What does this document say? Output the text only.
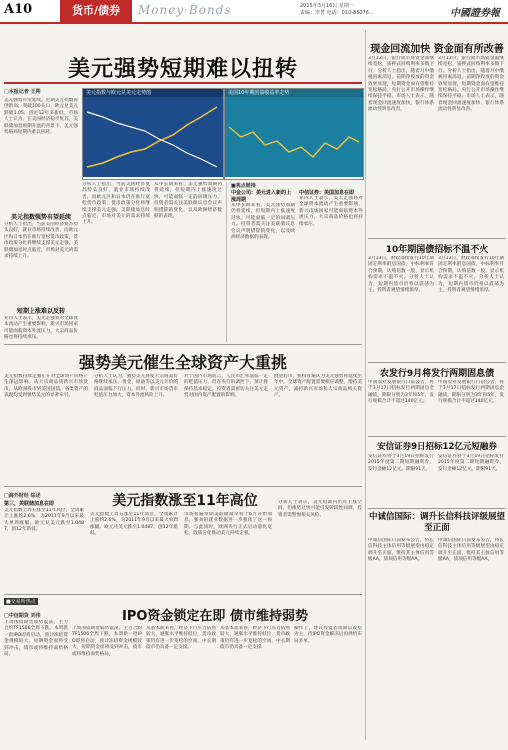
A10	货币/债券	Money·Bonds	2015年3月16日 星期一
责编：李菁 电话：010-83076...	中國證券報
美元强势短期难以扭转
□本报记者 王朔	美元指数与欧元兑美元走势图	美国10年期国债收益率走势
美元强势有望延续。近期美元指数再创新高，突破100关口，欧元兑美元跌破1.05，创近12年来新低。市场人士认为，在美国经济稳步复苏、美联储加息预期升温的背景下，美元强势格局短期内难以扭转。
美元指数强势有望延续
分析人士指出，当前美国经济复苏势头良好，就业市场持续改善，而欧元区和日本仍在推行宽松货币政策，货币政策分化将继续支撑美元走强。美联储加息时点临近，市场对美元的需求持续上升。
短期上涨难以反转
业内人士表示，美元走强将对全球资本流动产生重要影响，新兴市场国家可能面临资本外流压力，大宗商品价格也将持续承压。
分析人士指出，当前美国经济复苏势头良好，就业市场持续改善，而欧元区和日本仍在推行宽松货币政策，货币政策分化将继续支撑美元走强。美联储加息时点临近，市场对美元的需求持续上升。
从中长期来看，美元强势周期仍将延续，但短期内上涨速度过快，可能面临一定的回调压力。投资者需关注美联储议息会议声明措辞的变化，以及欧洲经济数据的表现。
■观点链接
中金公司：美元进入新的上涨周期
从中长期来看，美元强势周期仍将延续，但短期内上涨速度过快，可能面临一定的回调压力。投资者需关注美联储议息会议声明措辞的变化，以及欧洲经济数据的表现。
中信证券：美国加息在即
业内人士表示，美元走强将对全球资本流动产生重要影响，新兴市场国家可能面临资本外流压力，大宗商品价格也将持续承压。
现金回流加快 资金面有所改善
3月13日，银行间市场资金面继续宽松，质押式回购利率多数下行。分析人士指出，随着月中缴税因素消退，前期净投放的资金效果显现，短期资金面有望维持宽松格局。央行公开市场操作继续保持平稳。市场人士表示，随着现金回流速度加快，银行体系流动性明显改善。
3月13日，银行间市场资金面继续宽松，质押式回购利率多数下行。分析人士指出，随着月中缴税因素消退，前期净投放的资金效果显现，短期资金面有望维持宽松格局。央行公开市场操作继续保持平稳。市场人士表示，随着现金回流速度加快，银行体系流动性明显改善。
10年期国债招标不温不火
3月13日，财政部续发行10年期固定利率附息国债，中标利率符合预期，认购倍数一般，显示机构需求不温不火。分析人士认为，短期内债市仍将以震荡为主，投资者观望情绪浓厚。
3月13日，财政部续发行10年期固定利率附息国债，中标利率符合预期，认购倍数一般，显示机构需求不温不火。分析人士认为，短期内债市仍将以震荡为主，投资者观望情绪浓厚。
农发行9月将发行两期固息债
中国农业发展银行日前公告，将于3月17日招标发行两期固息金融债，期限分别为3年和5年，发行规模合计不超过140亿元。
中国农业发展银行日前公告，将于3月17日招标发行两期固息金融债，期限分别为3年和5年，发行规模合计不超过140亿元。
安信证券9日招标12亿元短融券
安信证券将于3月19日招标发行2015年度第二期短期融资券，发行金额12亿元，期限91天。
安信证券将于3月19日招标发行2015年度第二期短期融资券，发行金额12亿元，期限91天。
中诚信国际：调升长信科技评级展望至正面
中诚信国际日前发布公告，将长信科技主体信用等级展望由稳定调升至正面，维持其主体信用等级AA，债项信用等级AA。
中诚信国际日前发布公告，将长信科技主体信用等级展望由稳定调升至正面，维持其主体信用等级AA，债项信用等级AA。
强势美元催生全球资产大重挑
美元指数持续走强正在对全球资产价格产生深远影响。从大宗商品到新兴市场货币，从欧洲股市到美国国债，各类资产的表现均受到强势美元的显著牵引。
分析人士认为，强势美元将使大宗商品价格继续承压，黄金、原油等以美元计价的商品面临下行压力。同时，新兴市场货币贬值压力加大，资本外流风险上升。
对于国内市场而言，人民币汇率面临一定的贬值压力，但在央行的调控下，预计将保持基本稳定。投资者需密切关注美元走势对国内资产配置的影响。
展望后市，机构普遍认为美元强势将延续至年中，全球资产配置需要相应调整，增持美元资产，减持新兴市场和大宗商品相关资产。
美元指数涨至11年高位
□海外财经 综述
第三，美联储加息在即
美元指数上周五涨至11年高位，全周累计上涨约2.6%，为2011年9月以来最大单周涨幅。欧元兑美元跌至1.0487，创12年新低。
美元指数上周五涨至11年高位，全周累计上涨约2.6%，为2011年9月以来最大单周涨幅。欧元兑美元跌至1.0487，创12年新低。
市场普遍预期美联储最早将于6月开始加息，强劲的就业数据进一步强化了这一预期。与此同时，欧洲央行正式启动量化宽松，政策分化推动美元持续走强。
分析人士表示，美元短期内仍有上涨空间，但涨势过快可能引发阶段性回调，投资者需警惕相关风险。
■交易所热点
IPO资金锁定在即 债市维持弱势
□中信期货 刘伟
上周国债期货弱势震荡，主力合约TF1506全周下跌。本周新一批IPO即将启动，预计冻结资金规模较大，短期资金面将受到冲击，债市或将维持弱势格局。
上周国债期货弱势震荡，主力合约TF1506全周下跌。本周新一批IPO即将启动，预计冻结资金规模较大，短期资金面将受到冲击，债市或将维持弱势格局。
从基本面来看，经济下行压力依然较大，通胀水平维持低位，货币政策仍有进一步宽松的空间，中长期债市仍具备一定支撑。
从基本面来看，经济下行压力依然较大，通胀水平维持低位，货币政策仍有进一步宽松的空间，中长期债市仍具备一定支撑。
操作上，建议投资者短期以观望为主，待IPO资金解冻后再择机布局多单。
